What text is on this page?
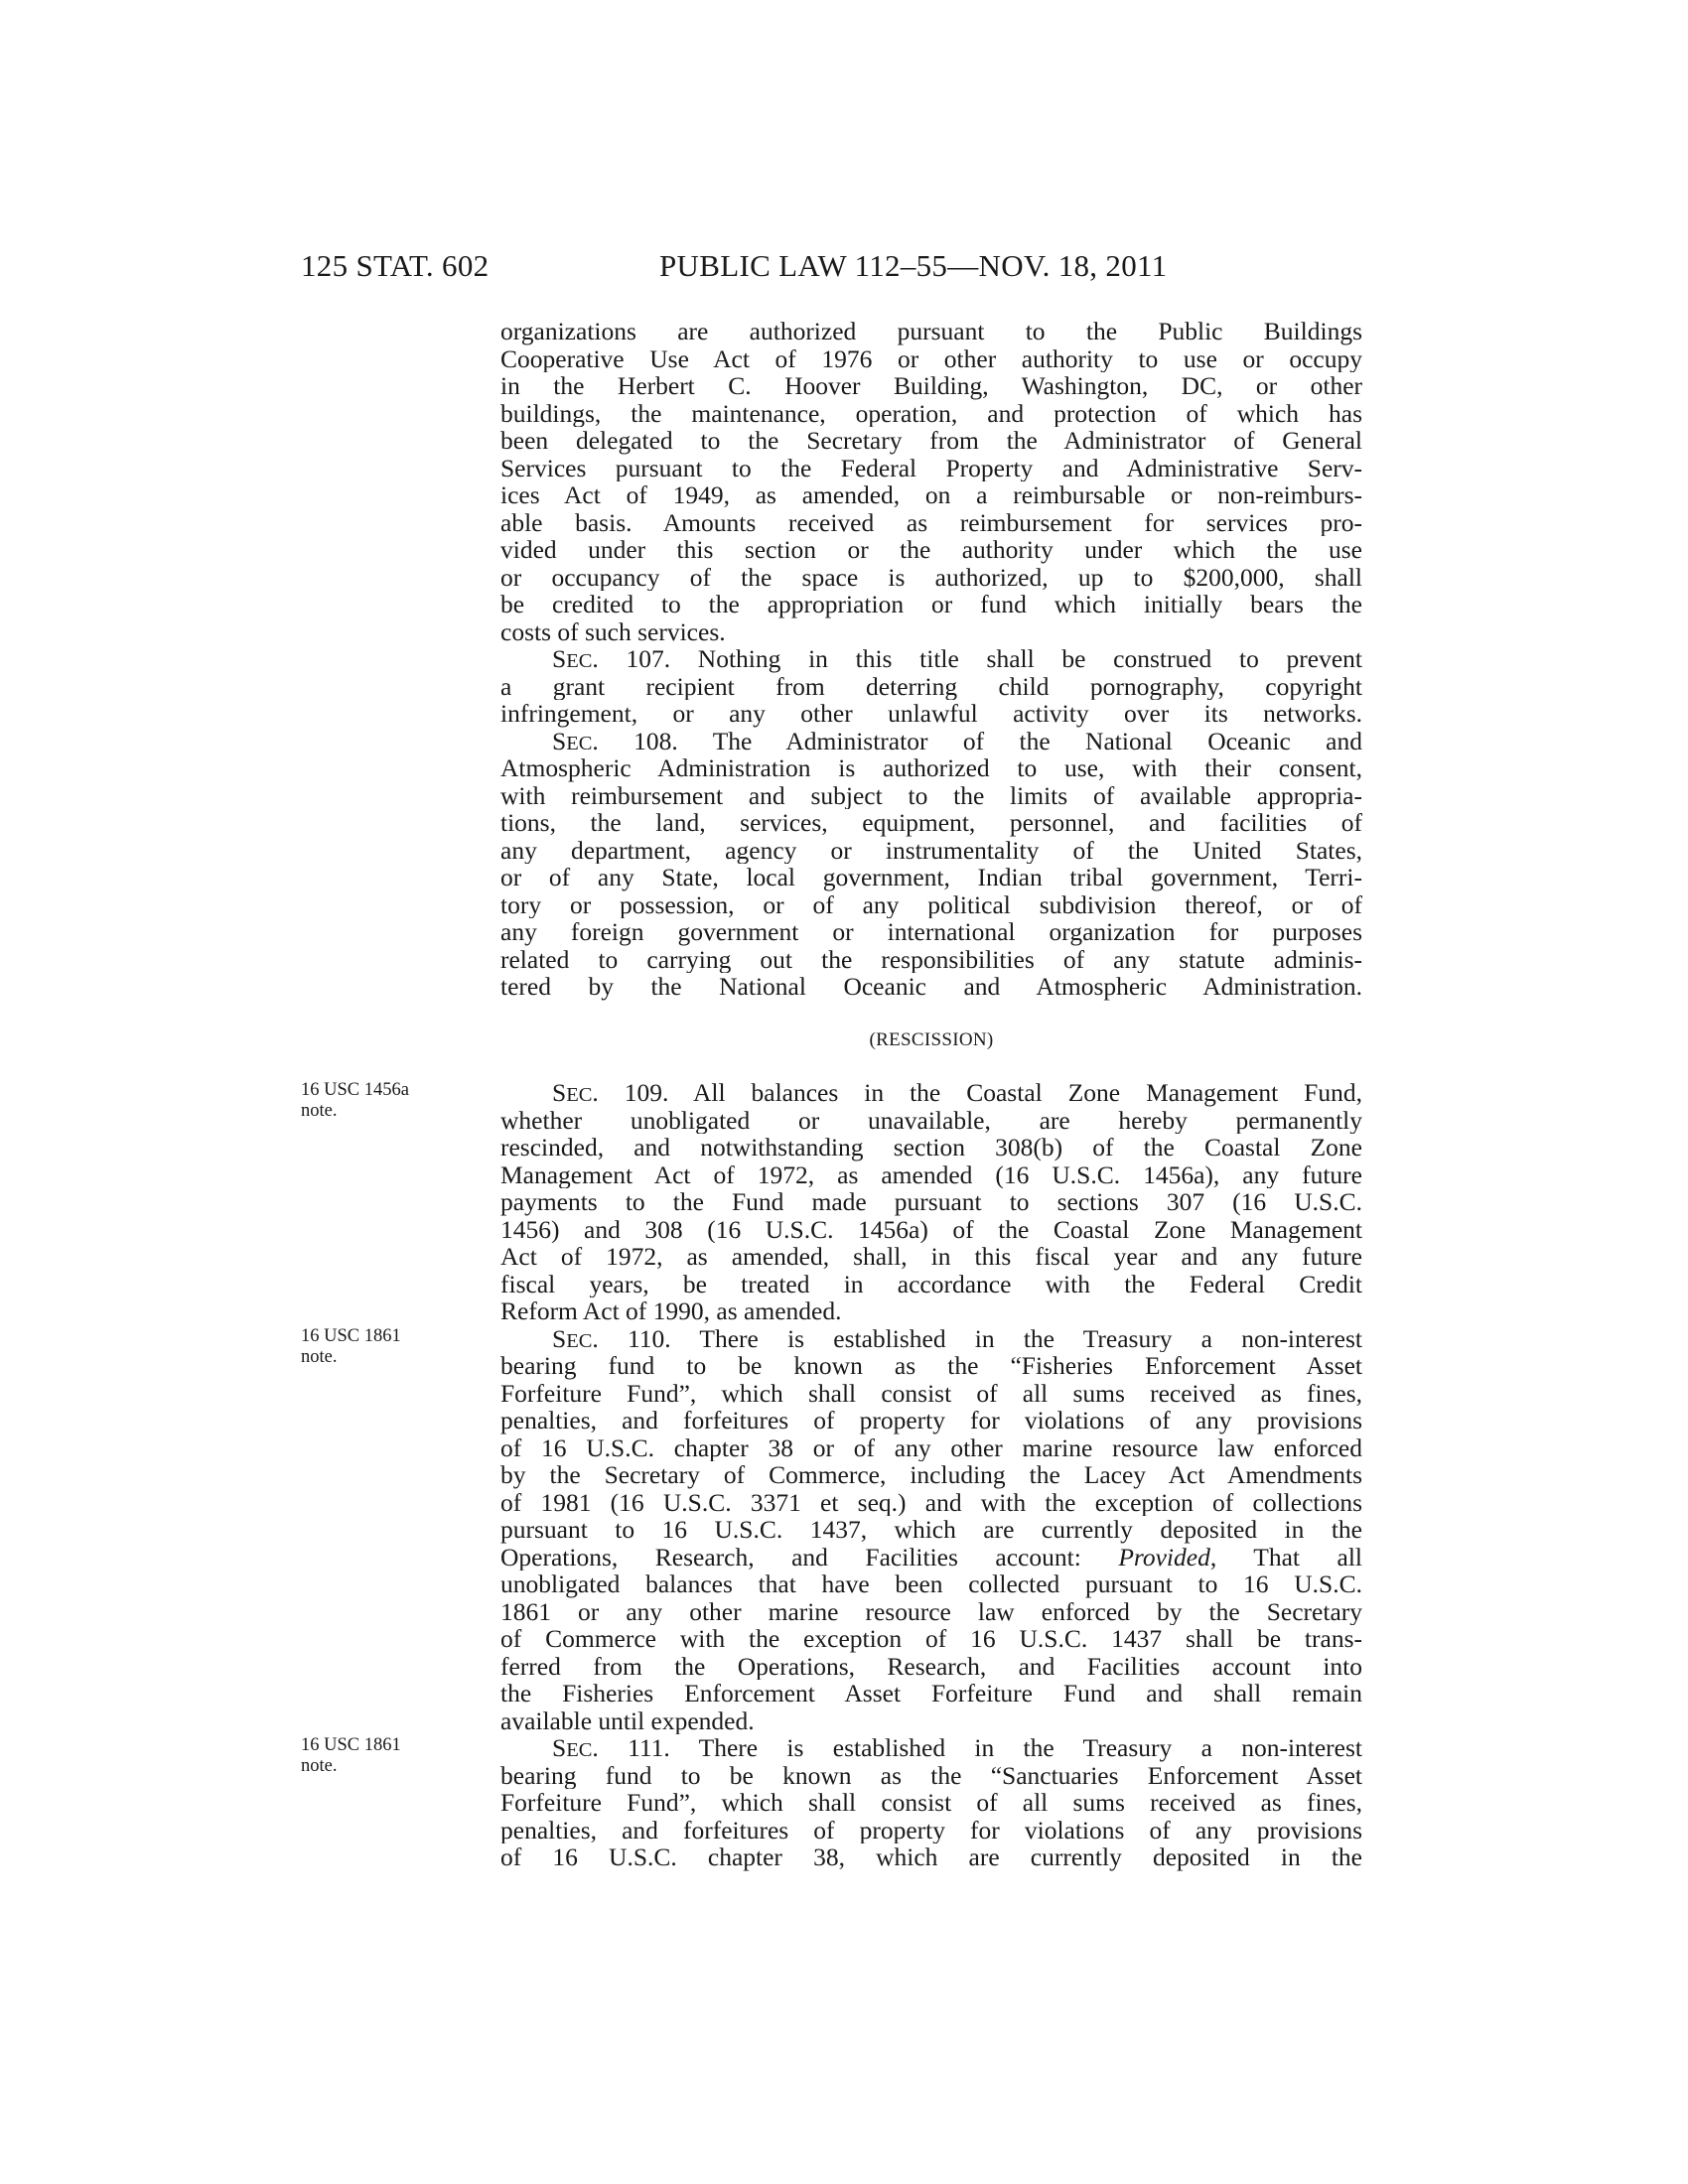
125 STAT. 602	PUBLIC LAW 112–55—NOV. 18, 2011
organizations are authorized pursuant to the Public Buildings
Cooperative Use Act of 1976 or other authority to use or occupy
in the Herbert C. Hoover Building, Washington, DC, or other
buildings, the maintenance, operation, and protection of which has
been delegated to the Secretary from the Administrator of General
Services pursuant to the Federal Property and Administrative Serv-
ices Act of 1949, as amended, on a reimbursable or non-reimburs-
able basis. Amounts received as reimbursement for services pro-
vided under this section or the authority under which the use
or occupancy of the space is authorized, up to $200,000, shall
be credited to the appropriation or fund which initially bears the
costs of such services.
SEC. 107. Nothing in this title shall be construed to prevent
a grant recipient from deterring child pornography, copyright
infringement, or any other unlawful activity over its networks.
SEC. 108. The Administrator of the National Oceanic and
Atmospheric Administration is authorized to use, with their consent,
with reimbursement and subject to the limits of available appropria-
tions, the land, services, equipment, personnel, and facilities of
any department, agency or instrumentality of the United States,
or of any State, local government, Indian tribal government, Terri-
tory or possession, or of any political subdivision thereof, or of
any foreign government or international organization for purposes
related to carrying out the responsibilities of any statute adminis-
tered by the National Oceanic and Atmospheric Administration.
(RESCISSION)
16 USC 1456a
note.
16 USC 1861
note.
16 USC 1861
note.
SEC. 109. All balances in the Coastal Zone Management Fund,
whether unobligated or unavailable, are hereby permanently
rescinded, and notwithstanding section 308(b) of the Coastal Zone
Management Act of 1972, as amended (16 U.S.C. 1456a), any future
payments to the Fund made pursuant to sections 307 (16 U.S.C.
1456) and 308 (16 U.S.C. 1456a) of the Coastal Zone Management
Act of 1972, as amended, shall, in this fiscal year and any future
fiscal years, be treated in accordance with the Federal Credit
Reform Act of 1990, as amended.
SEC. 110. There is established in the Treasury a non-interest
bearing fund to be known as the “Fisheries Enforcement Asset
Forfeiture Fund”, which shall consist of all sums received as fines,
penalties, and forfeitures of property for violations of any provisions
of 16 U.S.C. chapter 38 or of any other marine resource law enforced
by the Secretary of Commerce, including the Lacey Act Amendments
of 1981 (16 U.S.C. 3371 et seq.) and with the exception of collections
pursuant to 16 U.S.C. 1437, which are currently deposited in the
Operations, Research, and Facilities account: Provided, That all
unobligated balances that have been collected pursuant to 16 U.S.C.
1861 or any other marine resource law enforced by the Secretary
of Commerce with the exception of 16 U.S.C. 1437 shall be trans-
ferred from the Operations, Research, and Facilities account into
the Fisheries Enforcement Asset Forfeiture Fund and shall remain
available until expended.
SEC. 111. There is established in the Treasury a non-interest
bearing fund to be known as the “Sanctuaries Enforcement Asset
Forfeiture Fund”, which shall consist of all sums received as fines,
penalties, and forfeitures of property for violations of any provisions
of 16 U.S.C. chapter 38, which are currently deposited in the
